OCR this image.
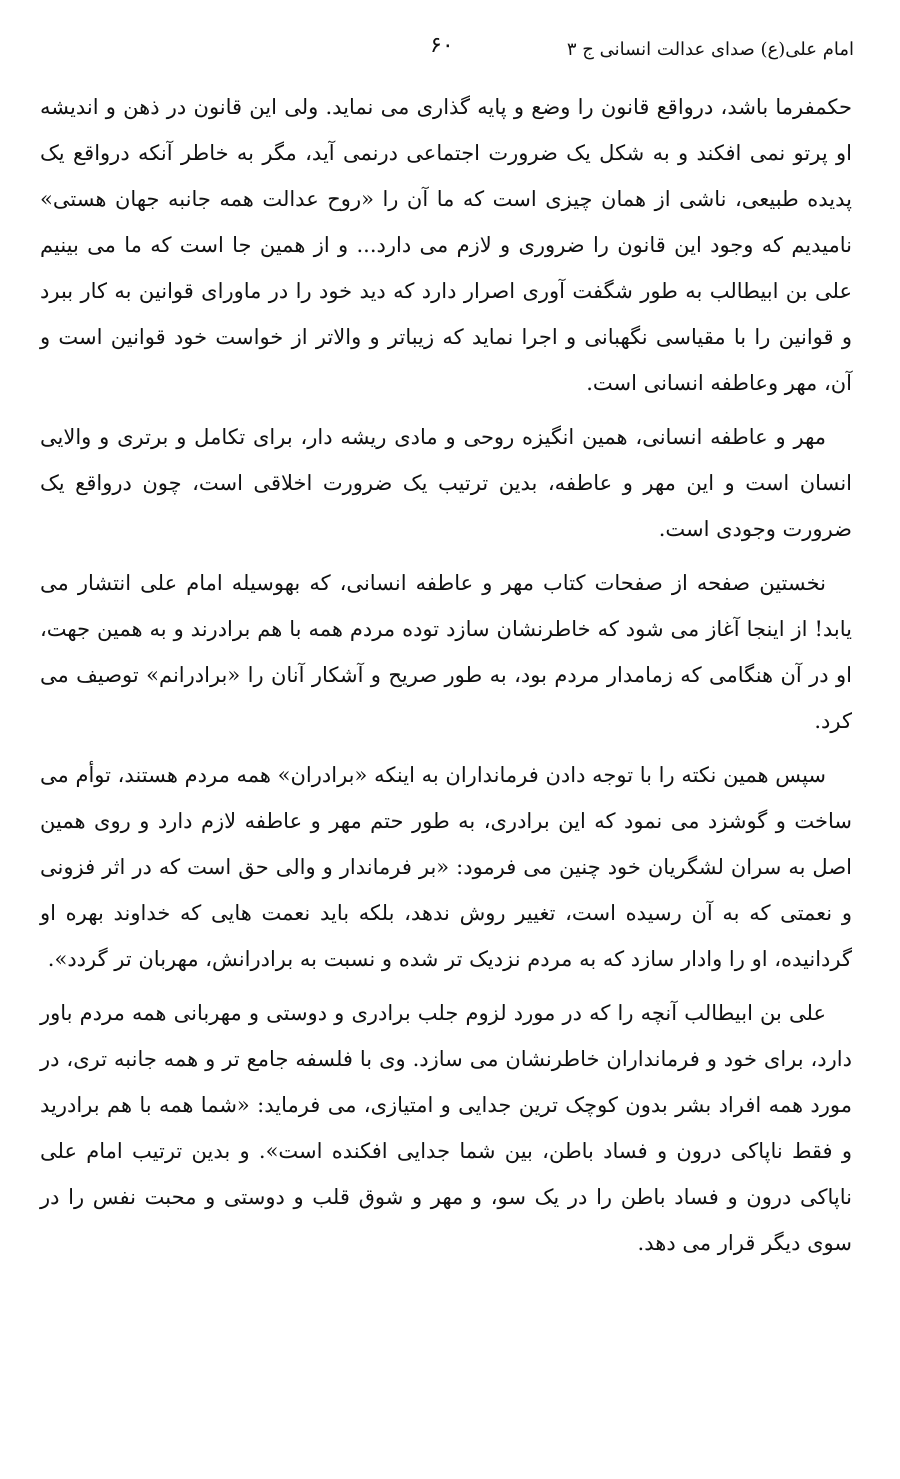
۶۰	امام علی(ع) صدای عدالت انسانی ج ۳

حکمفرما باشد، درواقع قانون را وضع و پایه گذاری می نماید. ولی این قانون در ذهن و اندیشه او پرتو نمی افکند و به شکل یک ضرورت اجتماعی درنمی آید، مگر به خاطر آنکه درواقع یک پدیده طبیعی، ناشی از همان چیزی است که ما آن را «روح عدالت همه جانبه جهان هستی» نامیدیم که وجود این قانون را ضروری و لازم می دارد... و از همین جا است که ما می بینیم علی بن ابیطالب به طور شگفت آوری اصرار دارد که دید خود را در ماورای قوانین به کار ببرد و قوانین را با مقیاسی نگهبانی و اجرا نماید که زیباتر و والاتر از خواست خود قوانین است و آن، مهر وعاطفه انسانی است.

مهر و عاطفه انسانی، همین انگیزه روحی و مادی ریشه دار، برای تکامل و برتری و والایی انسان است و این مهر و عاطفه، بدین ترتیب یک ضرورت اخلاقی است، چون درواقع یک ضرورت وجودی است.

نخستین صفحه از صفحات کتاب مهر و عاطفه انسانی، که بهوسیله امام علی انتشار می یابد! از اینجا آغاز می شود که خاطرنشان سازد توده مردم همه با هم برادرند و به همین جهت، او در آن هنگامی که زمامدار مردم بود، به طور صریح و آشکار آنان را «برادرانم» توصیف می کرد.

سپس همین نکته را با توجه دادن فرمانداران به اینکه «برادران» همه مردم هستند، توأم می ساخت و گوشزد می نمود که این برادری، به طور حتم مهر و عاطفه لازم دارد و روی همین اصل به سران لشگریان خود چنین می فرمود: «بر فرماندار و والی حق است که در اثر فزونی و نعمتی که به آن رسیده است، تغییر روش ندهد، بلکه باید نعمت هایی که خداوند بهره او گردانیده، او را وادار سازد که به مردم نزدیک تر شده و نسبت به برادرانش، مهربان تر گردد».

علی بن ابیطالب آنچه را که در مورد لزوم جلب برادری و دوستی و مهربانی همه مردم باور دارد، برای خود و فرمانداران خاطرنشان می سازد. وی با فلسفه جامع تر و همه جانبه تری، در مورد همه افراد بشر بدون کوچک ترین جدایی و امتیازی، می فرماید: «شما همه با هم برادرید و فقط ناپاکی درون و فساد باطن، بین شما جدایی افکنده است». و بدین ترتیب امام علی ناپاکی درون و فساد باطن را در یک سو، و مهر و شوق قلب و دوستی و محبت نفس را در سوی دیگر قرار می دهد.
